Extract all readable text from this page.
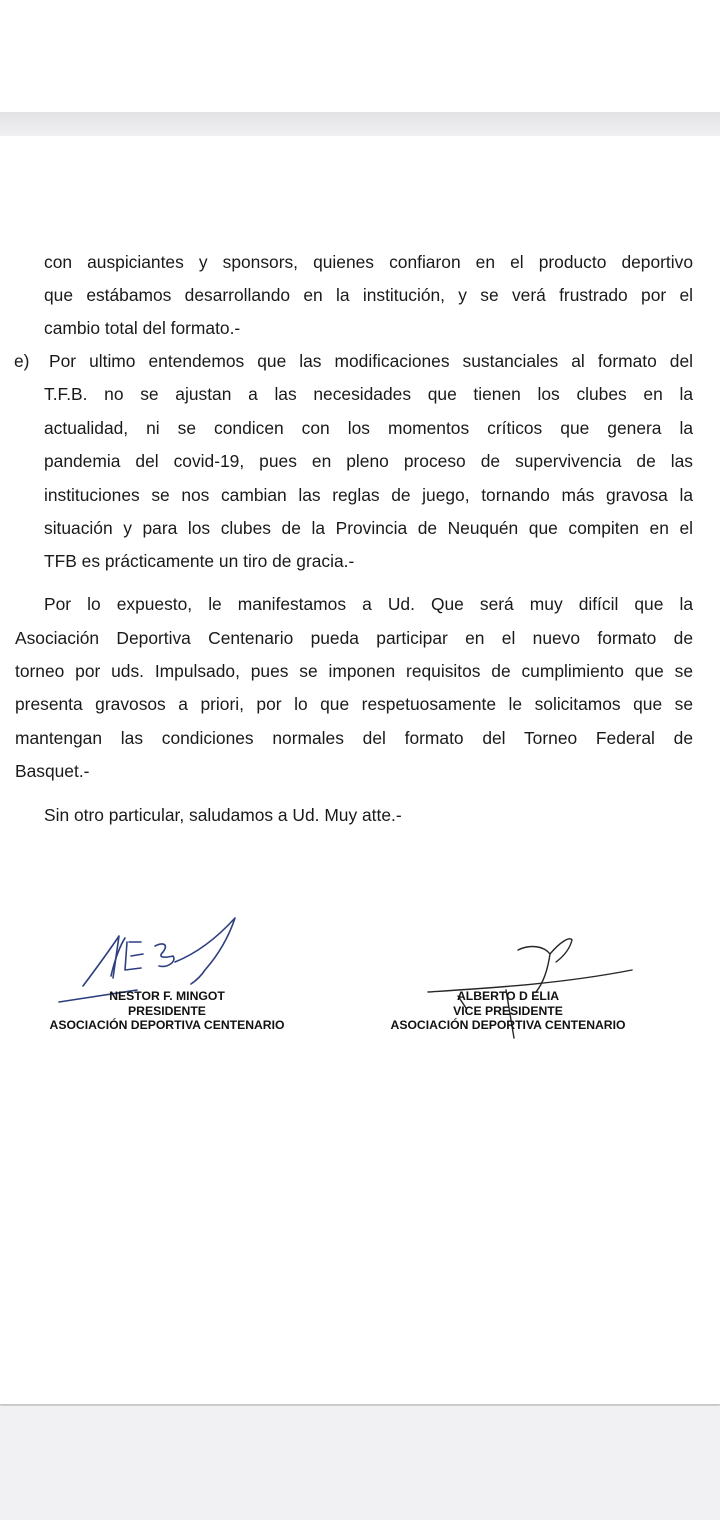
con auspiciantes y sponsors, quienes confiaron en el producto deportivo
que estábamos desarrollando en la institución, y se verá frustrado por el
cambio total del formato.-
e) Por ultimo entendemos que las modificaciones sustanciales al formato del
T.F.B. no se ajustan a las necesidades que tienen los clubes en la
actualidad, ni se condicen con los momentos críticos que genera la
pandemia del covid-19, pues en pleno proceso de supervivencia de las
instituciones se nos cambian las reglas de juego, tornando más gravosa la
situación y para los clubes de la Provincia de Neuquén que compiten en el
TFB es prácticamente un tiro de gracia.-
Por lo expuesto, le manifestamos a Ud. Que será muy difícil que la
Asociación Deportiva Centenario pueda participar en el nuevo formato de
torneo por uds. Impulsado, pues se imponen requisitos de cumplimiento que se
presenta gravosos a priori, por lo que respetuosamente le solicitamos que se
mantengan las condiciones normales del formato del Torneo Federal de
Basquet.-
Sin otro particular, saludamos a Ud. Muy atte.-
NESTOR F. MINGOT
PRESIDENTE
ASOCIACIÓN DEPORTIVA CENTENARIO
ALBERTO D ELIA
VICE PRESIDENTE
ASOCIACIÓN DEPORTIVA CENTENARIO
